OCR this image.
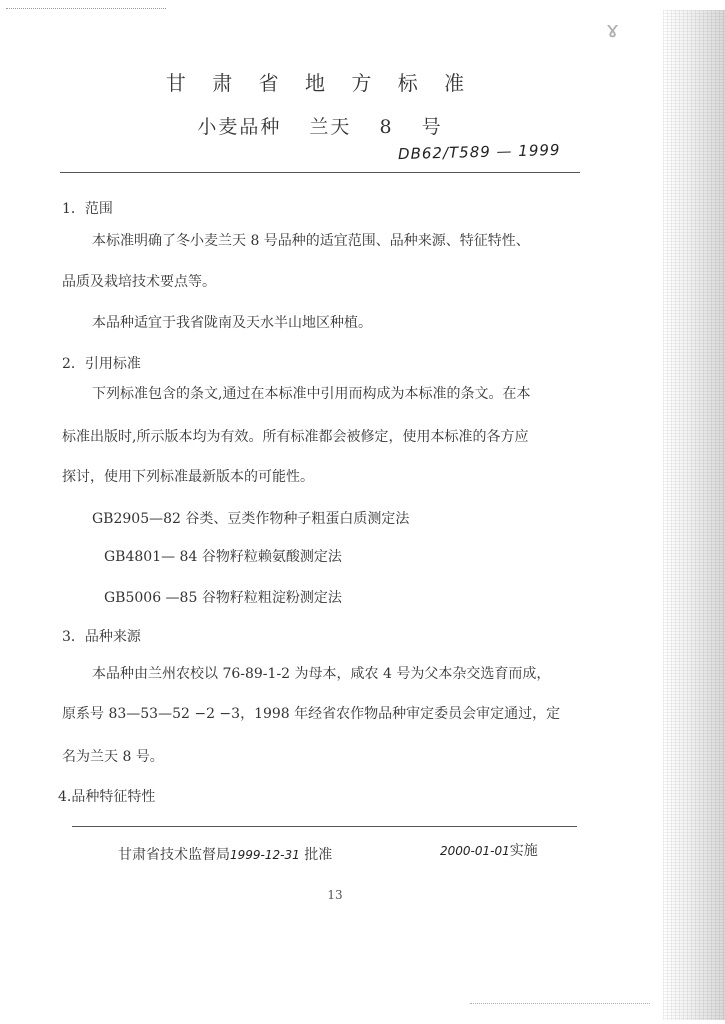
ɤ
甘 肃 省 地 方 标 准
小麦品种 兰天 8 号
DB62/T589 — 1999
1．范围
本标准明确了冬小麦兰天 8 号品种的适宜范围、品种来源、特征特性、
品质及栽培技术要点等。
本品种适宜于我省陇南及天水半山地区种植。
2．引用标准
下列标准包含的条文,通过在本标准中引用而构成为本标准的条文。在本
标准出版时,所示版本均为有效。所有标准都会被修定，使用本标准的各方应
探讨，使用下列标准最新版本的可能性。
GB2905—82 谷类、豆类作物种子粗蛋白质测定法
GB4801— 84 谷物籽粒赖氨酸测定法
GB5006 —85 谷物籽粒粗淀粉测定法
3．品种来源
本品种由兰州农校以 76-89-1-2 为母本，咸农 4 号为父本杂交选育而成，
原系号 83—53—52 −2 −3，1998 年经省农作物品种审定委员会审定通过，定
名为兰天 8 号。
4.品种特征特性
甘肃省技术监督局1999-12-31 批准	2000-01-01实施
13
